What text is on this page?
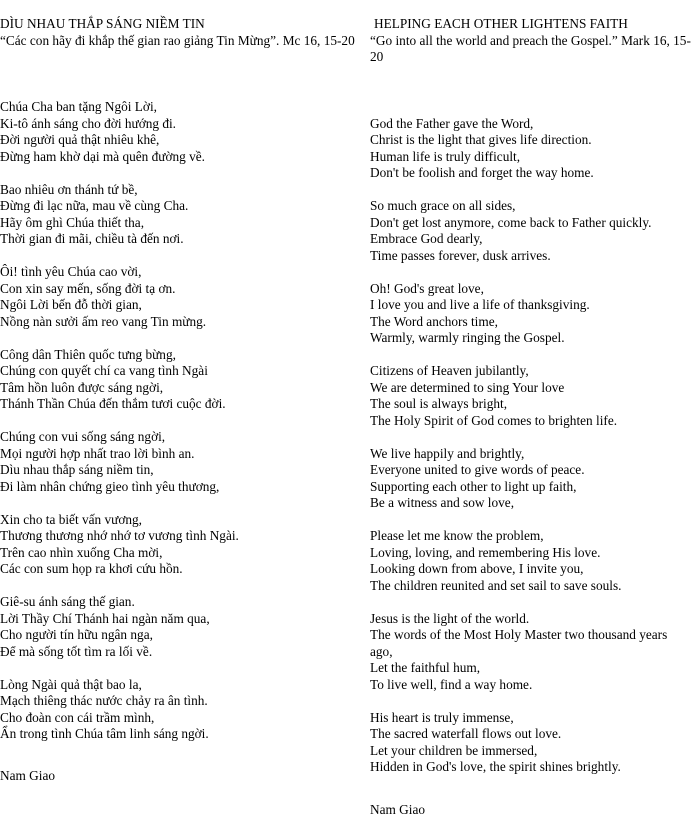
DÌU NHAU THẮP SÁNG NIỀM TIN
“Các con hãy đi khắp thế gian rao giảng Tin Mừng”. Mc 16, 15-20
Chúa Cha ban tặng Ngôi Lời,
Ki-tô ánh sáng cho đời hướng đi.
Đời người quả thật nhiêu khê,
Đừng ham khờ dại mà quên đường về.
Bao nhiêu ơn thánh tứ bề,
Đừng đi lạc nữa, mau về cùng Cha.
Hãy ôm ghì Chúa thiết tha,
Thời gian đi mãi, chiều tà đến nơi.
Ôi! tình yêu Chúa cao vời,
Con xin say mến, sống đời tạ ơn.
Ngôi Lời bến đỗ thời gian,
Nồng nàn sưởi ấm reo vang Tin mừng.
Công dân Thiên quốc tưng bừng,
Chúng con quyết chí ca vang tình Ngài
Tâm hồn luôn được sáng ngời,
Thánh Thần Chúa đến thắm tươi cuộc đời.
Chúng con vui sống sáng ngời,
Mọi người hợp nhất trao lời bình an.
Dìu nhau thắp sáng niềm tin,
Đi làm nhân chứng gieo tình yêu thương,
Xin cho ta biết vấn vương,
Thương thương nhớ nhớ tơ vương tình Ngài.
Trên cao nhìn xuống Cha mời,
Các con sum họp ra khơi cứu hồn.
Giê-su ánh sáng thế gian.
Lời Thầy Chí Thánh hai ngàn năm qua,
Cho người tín hữu ngân nga,
Để mà sống tốt tìm ra lối về.
Lòng Ngài quả thật bao la,
Mạch thiêng thác nước chảy ra ân tình.
Cho đoàn con cái trầm mình,
Ẩn trong tình Chúa tâm linh sáng ngời.
Nam Giao
HELPING EACH OTHER LIGHTENS FAITH
“Go into all the world and preach the Gospel.” Mark 16, 15-20
God the Father gave the Word,
Christ is the light that gives life direction.
Human life is truly difficult,
Don't be foolish and forget the way home.
So much grace on all sides,
Don't get lost anymore, come back to Father quickly.
Embrace God dearly,
Time passes forever, dusk arrives.
Oh! God's great love,
I love you and live a life of thanksgiving.
The Word anchors time,
Warmly, warmly ringing the Gospel.
Citizens of Heaven jubilantly,
We are determined to sing Your love
The soul is always bright,
The Holy Spirit of God comes to brighten life.
We live happily and brightly,
Everyone united to give words of peace.
Supporting each other to light up faith,
Be a witness and sow love,
Please let me know the problem,
Loving, loving, and remembering His love.
Looking down from above, I invite you,
The children reunited and set sail to save souls.
Jesus is the light of the world.
The words of the Most Holy Master two thousand years ago,
Let the faithful hum,
To live well, find a way home.
His heart is truly immense,
The sacred waterfall flows out love.
Let your children be immersed,
Hidden in God's love, the spirit shines brightly.
Nam Giao
